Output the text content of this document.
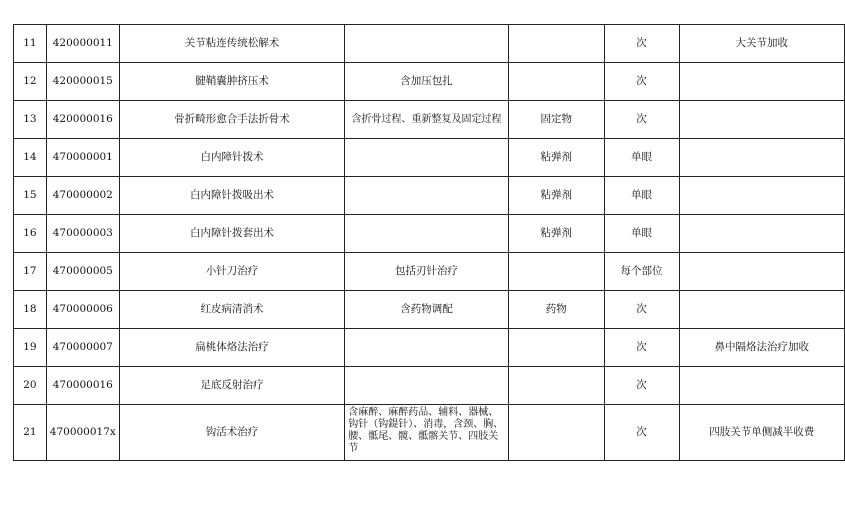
11	420000011	关节粘连传统松解术			次	大关节加收
12	420000015	腱鞘囊肿挤压术	含加压包扎		次	
13	420000016	骨折畸形愈合手法折骨术	含折骨过程、重新整复及固定过程	固定物	次	
14	470000001	白内障针拨术		粘弹剂	单眼	
15	470000002	白内障针拨吸出术		粘弹剂	单眼	
16	470000003	白内障针拨套出术		粘弹剂	单眼	
17	470000005	小针刀治疗	包括刃针治疗		每个部位	
18	470000006	红皮病清消术	含药物调配	药物	次	
19	470000007	扁桃体烙法治疗			次	鼻中隔烙法治疗加收
20	470000016	足底反射治疗			次	
21	470000017x	钩活术治疗	含麻醉、麻醉药品、辅料、器械、钩针（钩鍉针）、消毒，含颈、胸、腰、骶尾、髋、骶髂关节、四肢关节		次	四肢关节单侧减半收费
